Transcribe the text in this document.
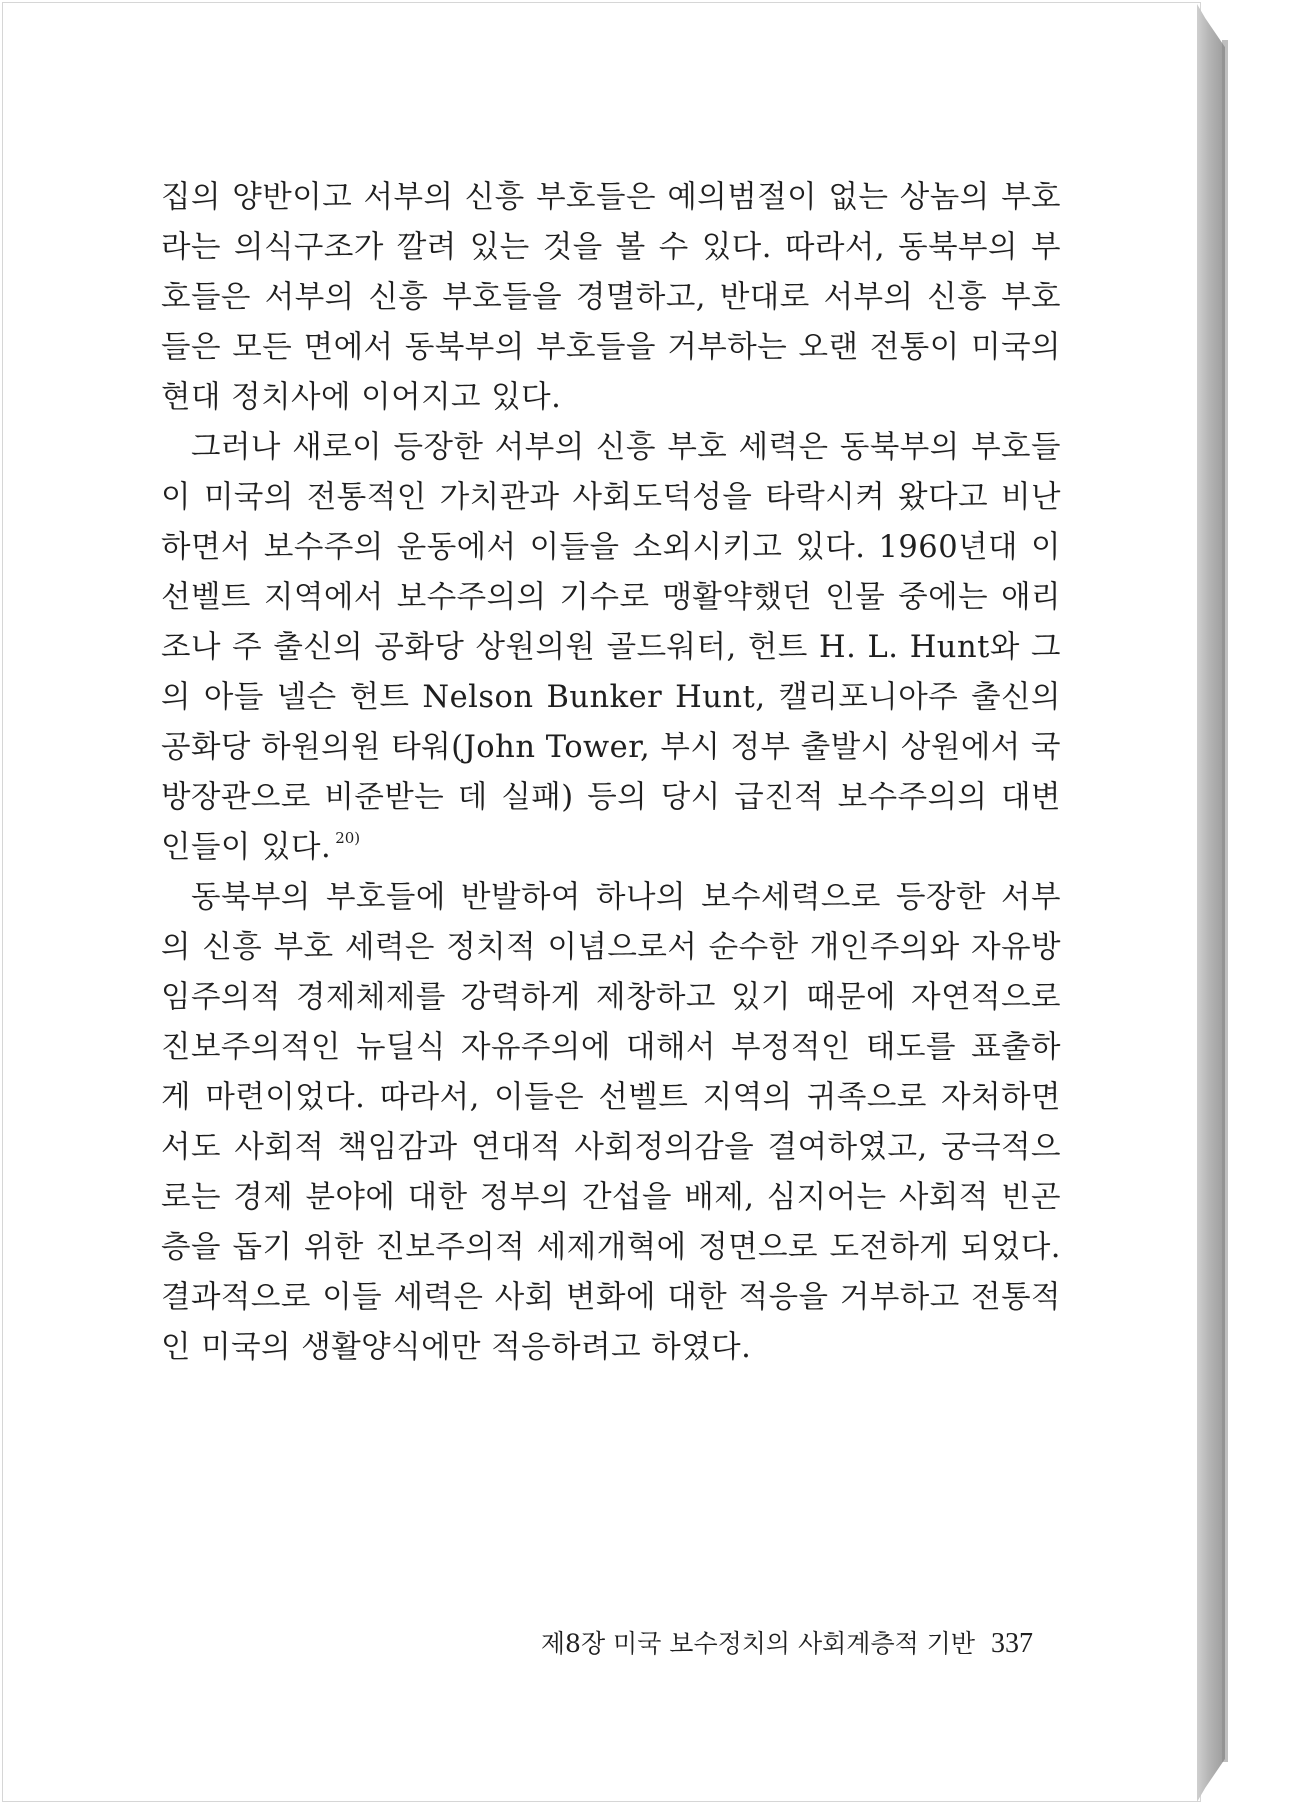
집의 양반이고 서부의 신흥 부호들은 예의범절이 없는 상놈의 부호라는 의식구조가 깔려 있는 것을 볼 수 있다. 따라서, 동북부의 부호들은 서부의 신흥 부호들을 경멸하고, 반대로 서부의 신흥 부호들은 모든 면에서 동북부의 부호들을 거부하는 오랜 전통이 미국의 현대 정치사에 이어지고 있다.

그러나 새로이 등장한 서부의 신흥 부호 세력은 동북부의 부호들이 미국의 전통적인 가치관과 사회도덕성을 타락시켜 왔다고 비난하면서 보수주의 운동에서 이들을 소외시키고 있다. 1960년대 이 선벨트 지역에서 보수주의의 기수로 맹활약했던 인물 중에는 애리조나 주 출신의 공화당 상원의원 골드워터, 헌트 H. L. Hunt와 그의 아들 넬슨 헌트 Nelson Bunker Hunt, 캘리포니아주 출신의 공화당 하원의원 타워(John Tower, 부시 정부 출발시 상원에서 국방장관으로 비준받는 데 실패) 등의 당시 급진적 보수주의의 대변인들이 있다. $^{20)}$

동북부의 부호들에 반발하여 하나의 보수세력으로 등장한 서부의 신흥 부호 세력은 정치적 이념으로서 순수한 개인주의와 자유방임주의적 경제체제를 강력하게 제창하고 있기 때문에 자연적으로 진보주의적인 뉴딜식 자유주의에 대해서 부정적인 태도를 표출하게 마련이었다. 따라서, 이들은 선벨트 지역의 귀족으로 자처하면서도 사회적 책임감과 연대적 사회정의감을 결여하였고, 궁극적으로는 경제 분야에 대한 정부의 간섭을 배제, 심지어는 사회적 빈곤층을 돕기 위한 진보주의적 세제개혁에 정면으로 도전하게 되었다. 결과적으로 이들 세력은 사회 변화에 대한 적응을 거부하고 전통적인 미국의 생활양식에만 적응하려고 하였다.

제8장 미국 보수정치의 사회계층적 기반 337
